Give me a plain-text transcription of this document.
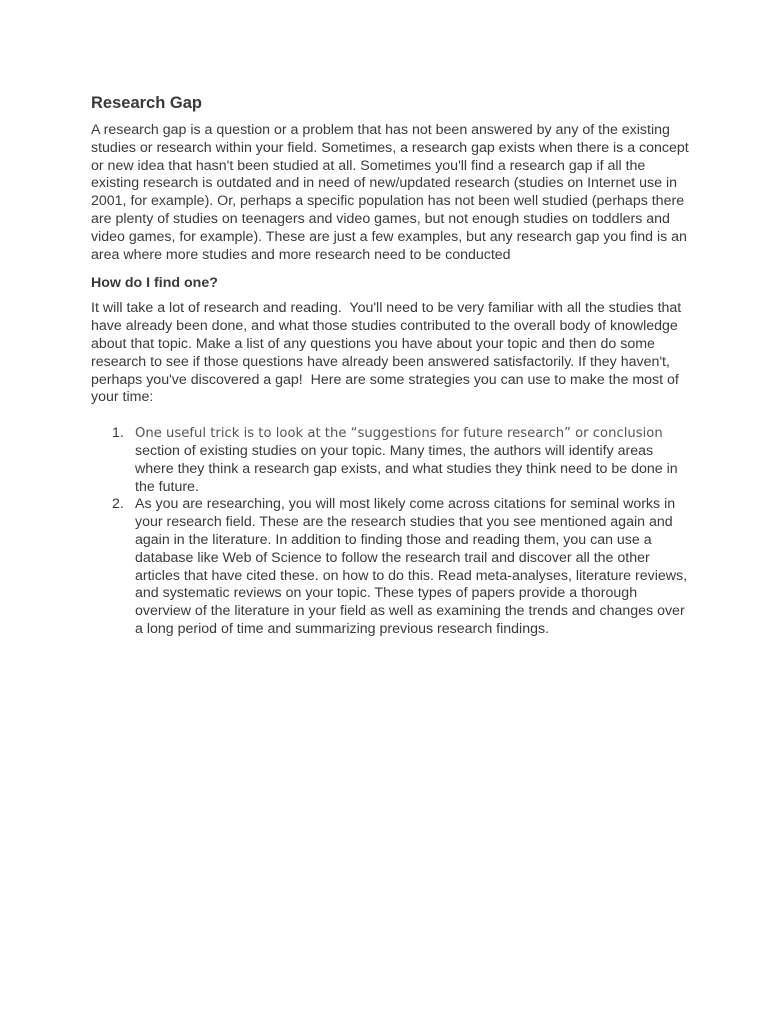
Research Gap

A research gap is a question or a problem that has not been answered by any of the existing studies or research within your field. Sometimes, a research gap exists when there is a concept or new idea that hasn't been studied at all. Sometimes you'll find a research gap if all the existing research is outdated and in need of new/updated research (studies on Internet use in 2001, for example). Or, perhaps a specific population has not been well studied (perhaps there are plenty of studies on teenagers and video games, but not enough studies on toddlers and video games, for example). These are just a few examples, but any research gap you find is an area where more studies and more research need to be conducted

How do I find one?

It will take a lot of research and reading.  You'll need to be very familiar with all the studies that have already been done, and what those studies contributed to the overall body of knowledge about that topic. Make a list of any questions you have about your topic and then do some research to see if those questions have already been answered satisfactorily. If they haven't, perhaps you've discovered a gap!  Here are some strategies you can use to make the most of your time:

1. One useful trick is to look at the “suggestions for future research” or conclusion section of existing studies on your topic. Many times, the authors will identify areas where they think a research gap exists, and what studies they think need to be done in the future.
2. As you are researching, you will most likely come across citations for seminal works in your research field. These are the research studies that you see mentioned again and again in the literature. In addition to finding those and reading them, you can use a database like Web of Science to follow the research trail and discover all the other articles that have cited these. on how to do this. Read meta-analyses, literature reviews, and systematic reviews on your topic. These types of papers provide a thorough overview of the literature in your field as well as examining the trends and changes over a long period of time and summarizing previous research findings.
